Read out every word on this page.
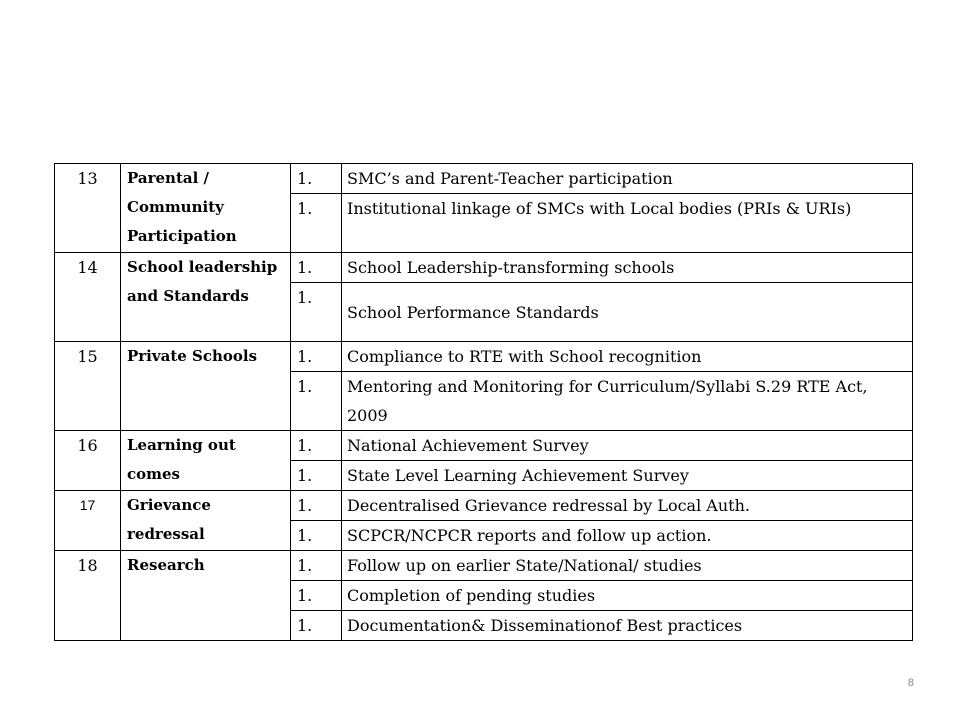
13	Parental / Community Participation	1.	SMC’s and Parent-Teacher participation
		1.	Institutional linkage of SMCs with Local bodies (PRIs & URIs)
14	School leadership and Standards	1.	School Leadership-transforming schools
		1.	School Performance Standards
15	Private Schools	1.	Compliance to RTE with School recognition
		1.	Mentoring and Monitoring for Curriculum/Syllabi S.29 RTE Act, 2009
16	Learning out comes	1.	National Achievement Survey
		1.	State Level Learning Achievement Survey
17	Grievance redressal	1.	Decentralised Grievance redressal by Local Auth.
		1.	SCPCR/NCPCR reports and follow up action.
18	Research	1.	Follow up on earlier State/National/ studies
		1.	Completion of pending studies
		1.	Documentation& Disseminationof Best practices
8
